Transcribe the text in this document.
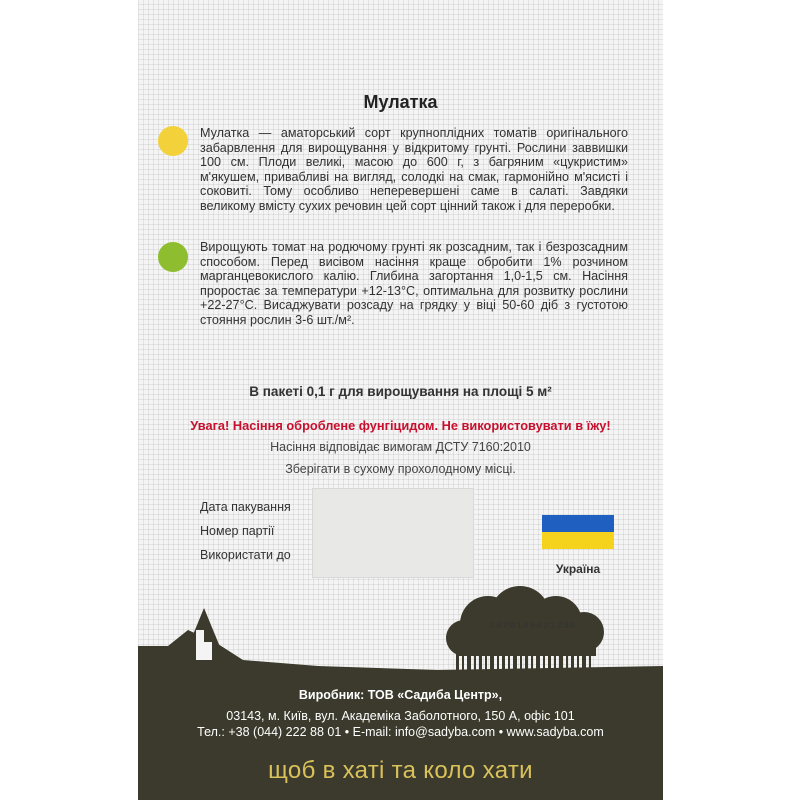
Мулатка

Мулатка — аматорський сорт крупноплідних томатів оригінального забарвлення для вирощування у відкритому грунті. Рослини заввишки 100 см. Плоди великі, масою до 600 г, з багряним «цукристим» м'якушем, привабливі на вигляд, солодкі на смак, гармонійно м'ясисті і соковиті. Тому особливо неперевершені саме в салаті. Завдяки великому вмісту сухих речовин цей сорт цінний також і для переробки.

Вирощують томат на родючому грунті як розсадним, так і безрозсадним способом. Перед висівом насіння краще обробити 1% розчином марганцевокислого калію. Глибина загортання 1,0-1,5 см. Насіння проростає за температури +12-13°С, оптимальна для розвитку рослини +22-27°С. Висаджувати розсаду на грядку у віці 50-60 діб з густотою стояння рослин 3-6 шт./м².

В пакеті 0,1 г для вирощування на площі 5 м²
Увага! Насіння оброблене фунгіцидом. Не використовувати в їжу!
Насіння відповідає вимогам ДСТУ 7160:2010
Зберігати в сухому прохолодному місці.
Дата пакування
Номер партії
Використати до
Україна
4820189021230
Виробник: ТОВ «Садиба Центр»,
03143, м. Київ, вул. Академіка Заболотного, 150 А, офіс 101
Тел.: +38 (044) 222 88 01 • E-mail: info@sadyba.com • www.sadyba.com
щоб в хаті та коло хати
